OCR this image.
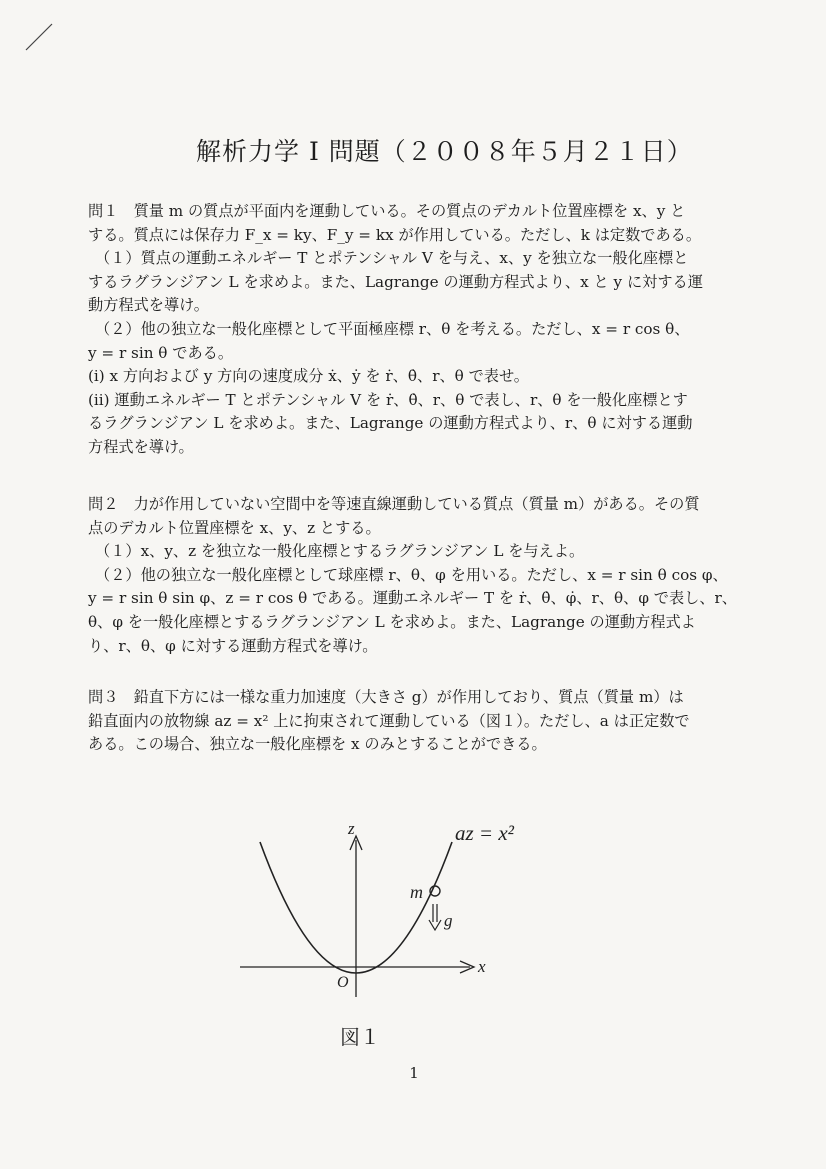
解析力学 I 問題（２００８年５月２１日）

問１　質量 m の質点が平面内を運動している。その質点のデカルト位置座標を x、y と

する。質点には保存力 F_x = ky、F_y = kx が作用している。ただし、k は定数である。

（１）質点の運動エネルギー T とポテンシャル V を与え、x、y を独立な一般化座標と

するラグランジアン L を求めよ。また、Lagrange の運動方程式より、x と y に対する運

動方程式を導け。

（２）他の独立な一般化座標として平面極座標 r、θ を考える。ただし、x = r cos θ、

y = r sin θ である。

(i) x 方向および y 方向の速度成分 ẋ、ẏ を ṙ、θ̇、r、θ で表せ。

(ii) 運動エネルギー T とポテンシャル V を ṙ、θ̇、r、θ で表し、r、θ を一般化座標とす

るラグランジアン L を求めよ。また、Lagrange の運動方程式より、r、θ に対する運動

方程式を導け。

問２　力が作用していない空間中を等速直線運動している質点（質量 m）がある。その質

点のデカルト位置座標を x、y、z とする。

（１）x、y、z を独立な一般化座標とするラグランジアン L を与えよ。

（２）他の独立な一般化座標として球座標 r、θ、φ を用いる。ただし、x = r sin θ cos φ、

y = r sin θ sin φ、z = r cos θ である。運動エネルギー T を ṙ、θ̇、φ̇、r、θ、φ で表し、r、

θ、φ を一般化座標とするラグランジアン L を求めよ。また、Lagrange の運動方程式よ

り、r、θ、φ に対する運動方程式を導け。

問３　鉛直下方には一様な重力加速度（大きさ g）が作用しており、質点（質量 m）は

鉛直面内の放物線 az = x² 上に拘束されて運動している（図１）。ただし、a は正定数で

ある。この場合、独立な一般化座標を x のみとすることができる。

az = x²
z
x
O
m
g
図１
1
